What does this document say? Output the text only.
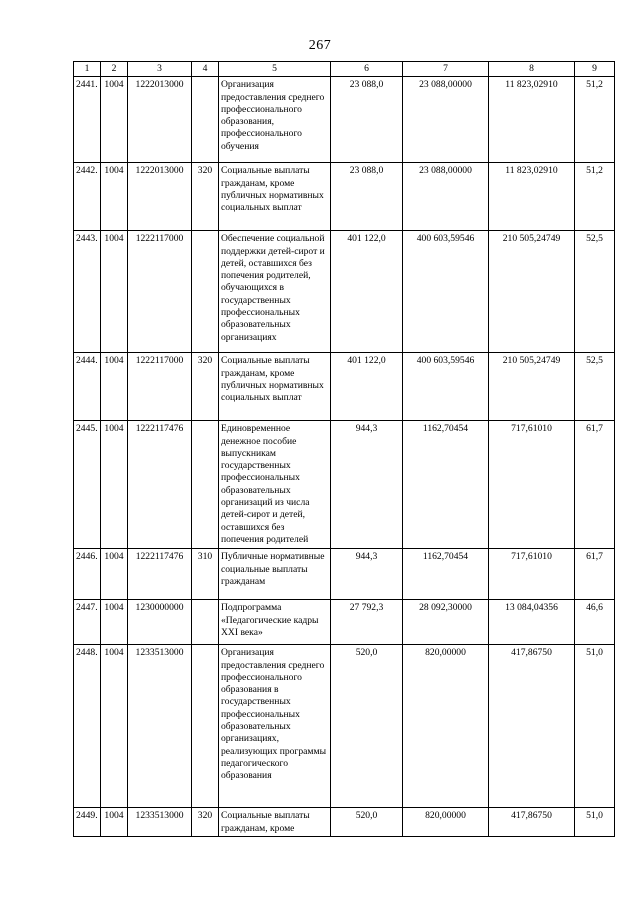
267
1	2	3	4	5	6	7	8	9
2441.	1004	1222013000		Организация предоставления среднего профессионального образования, профессионального обучения	23 088,0	23 088,00000	11 823,02910	51,2
2442.	1004	1222013000	320	Социальные выплаты гражданам, кроме публичных нормативных социальных выплат	23 088,0	23 088,00000	11 823,02910	51,2
2443.	1004	1222117000		Обеспечение социальной поддержки детей-сирот и детей, оставшихся без попечения родителей, обучающихся в государственных профессиональных образовательных организациях	401 122,0	400 603,59546	210 505,24749	52,5
2444.	1004	1222117000	320	Социальные выплаты гражданам, кроме публичных нормативных социальных выплат	401 122,0	400 603,59546	210 505,24749	52,5
2445.	1004	1222117476		Единовременное денежное пособие выпускникам государственных профессиональных образовательных организаций из числа детей-сирот и детей, оставшихся без попечения родителей	944,3	1162,70454	717,61010	61,7
2446.	1004	1222117476	310	Публичные нормативные социальные выплаты гражданам	944,3	1162,70454	717,61010	61,7
2447.	1004	1230000000		Подпрограмма «Педагогические кадры XXI века»	27 792,3	28 092,30000	13 084,04356	46,6
2448.	1004	1233513000		Организация предоставления среднего профессионального образования в государственных профессиональных образовательных организациях, реализующих программы педагогического образования	520,0	820,00000	417,86750	51,0
2449.	1004	1233513000	320	Социальные выплаты гражданам, кроме	520,0	820,00000	417,86750	51,0
